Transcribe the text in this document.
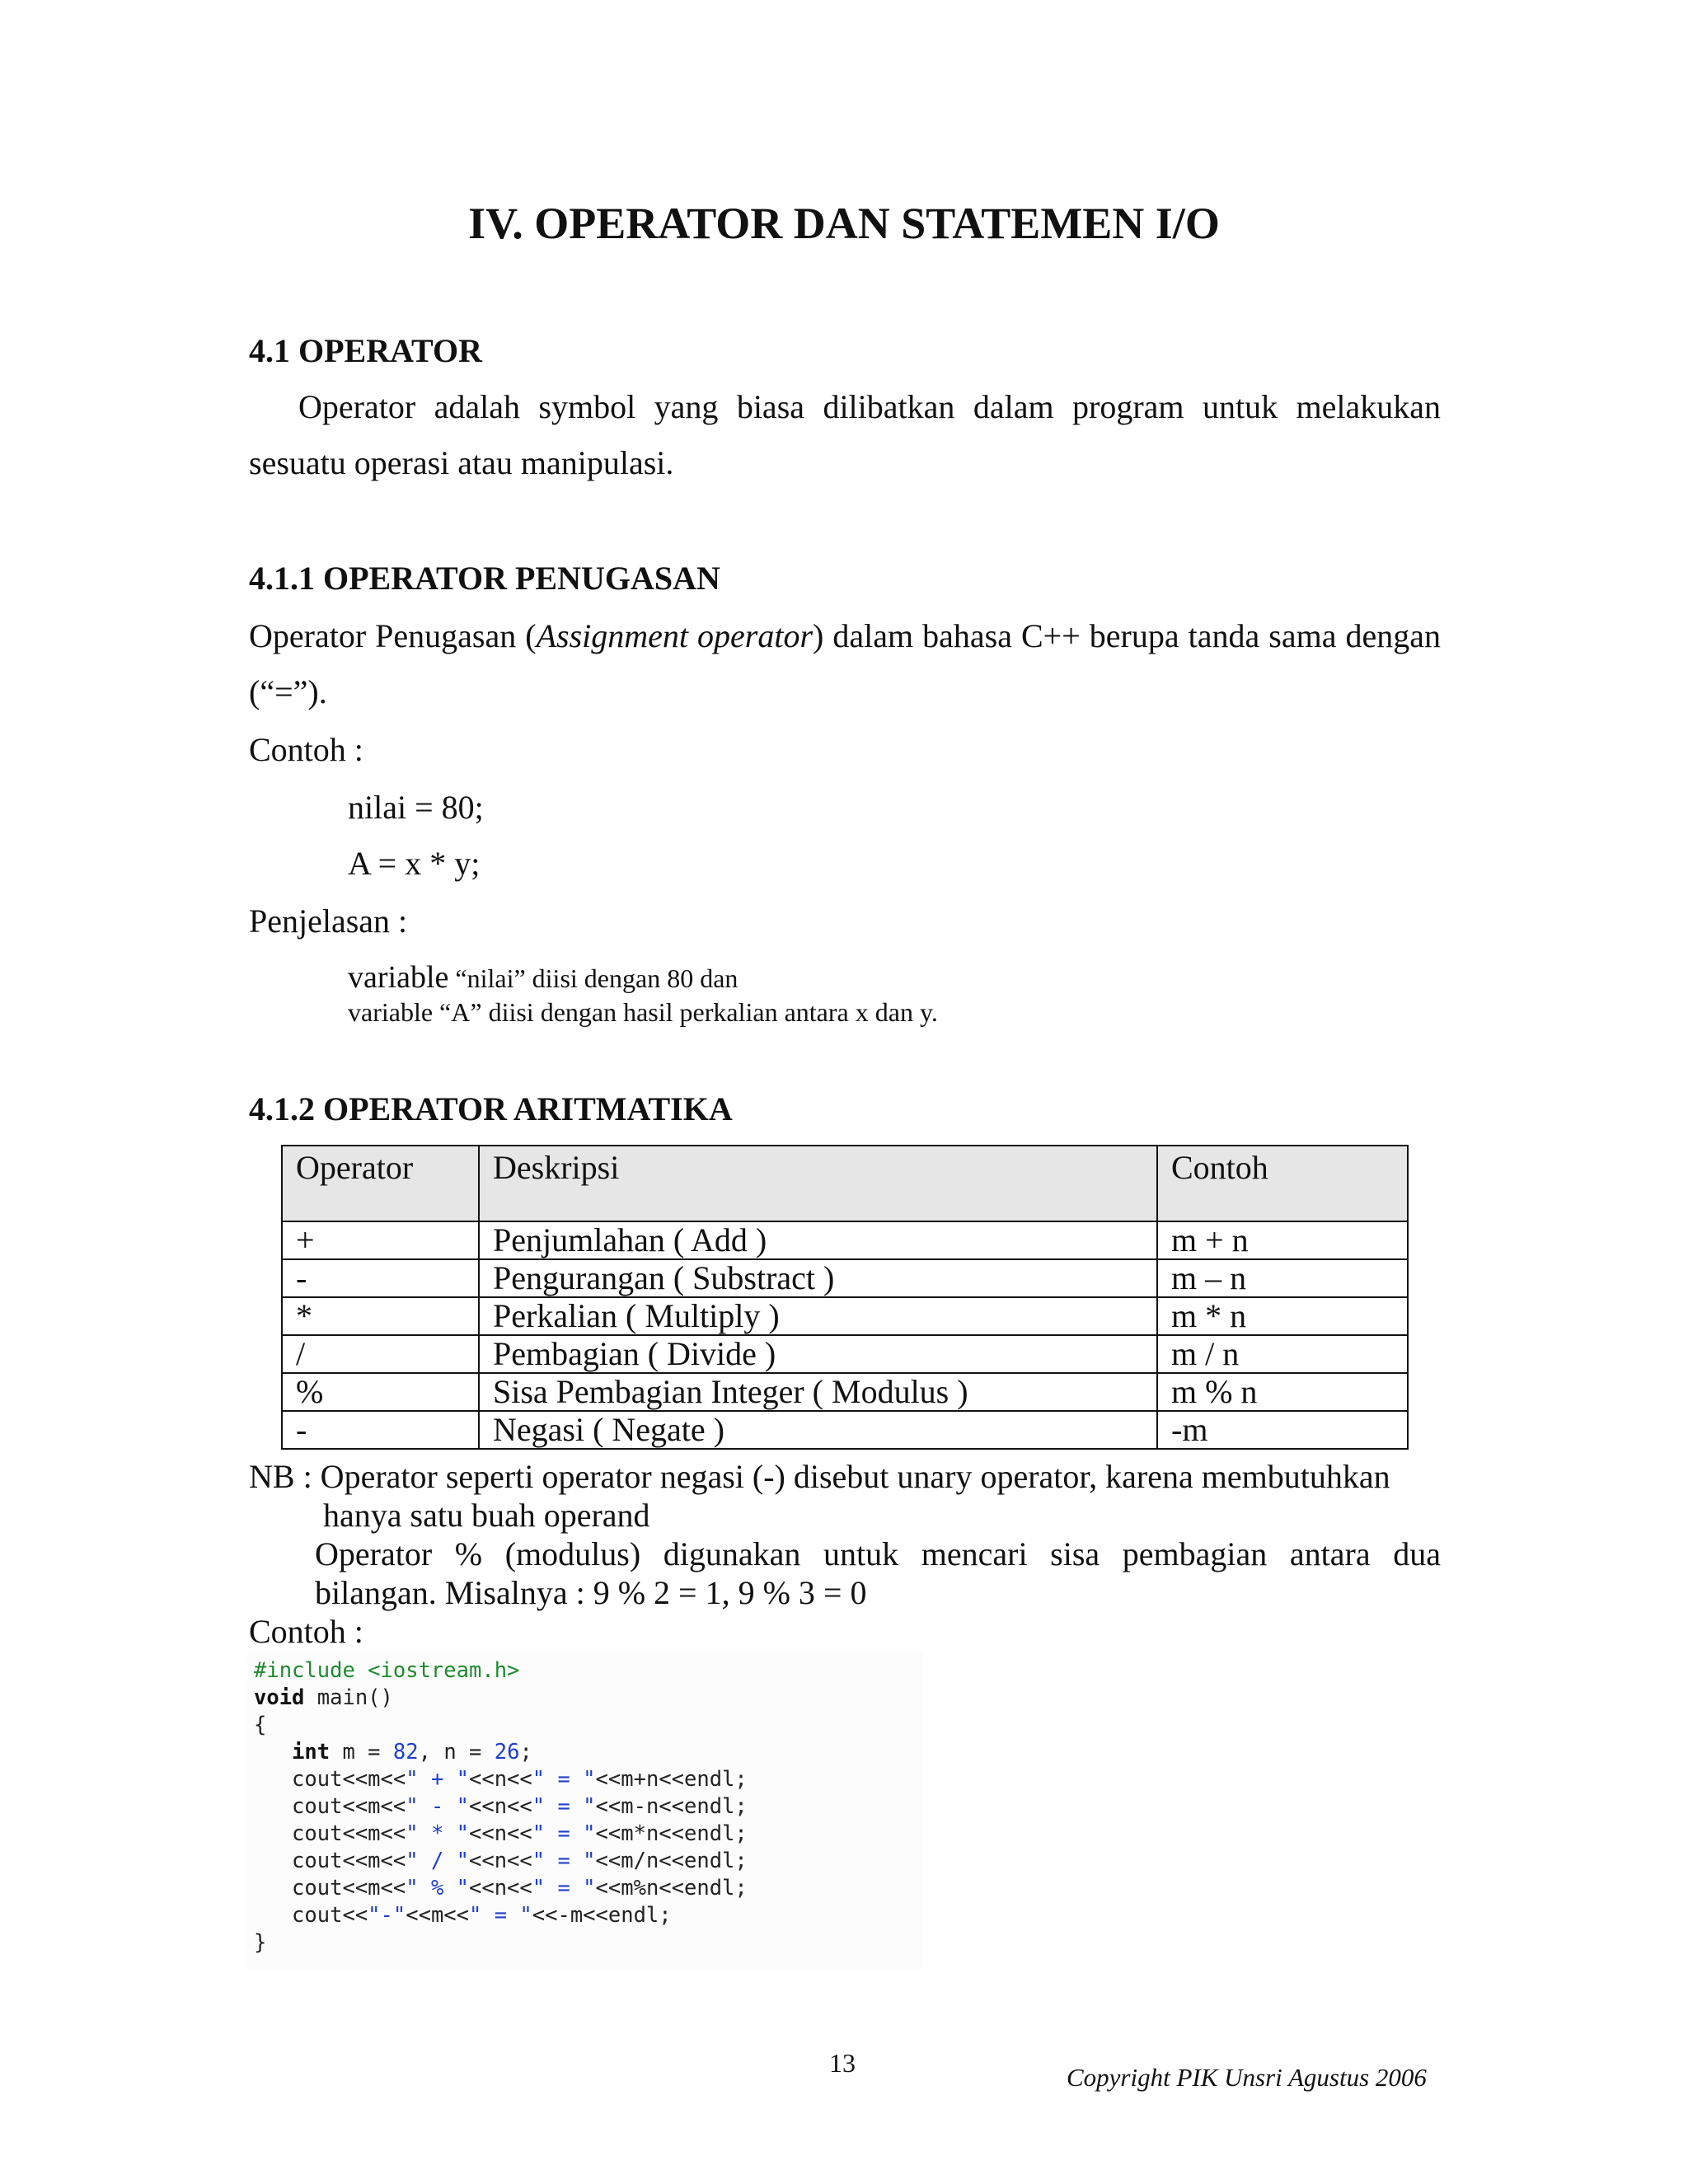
IV. OPERATOR DAN STATEMEN I/O
4.1 OPERATOR
Operator adalah symbol yang biasa dilibatkan dalam program untuk melakukan
sesuatu operasi atau manipulasi.
4.1.1 OPERATOR PENUGASAN
Operator Penugasan (Assignment operator) dalam bahasa C++ berupa tanda sama dengan
(“=”).
Contoh :
nilai = 80;
A = x * y;
Penjelasan :
variable “nilai” diisi dengan 80 dan
variable “A” diisi dengan hasil perkalian antara x dan y.
4.1.2 OPERATOR ARITMATIKA
Operator	Deskripsi	Contoh
+	Penjumlahan ( Add )	m + n
-	Pengurangan ( Substract )	m – n
*	Perkalian ( Multiply )	m * n
/	Pembagian ( Divide )	m / n
%	Sisa Pembagian Integer ( Modulus )	m % n
-	Negasi ( Negate )	-m
NB : Operator seperti operator negasi (-) disebut unary operator, karena membutuhkan
hanya satu buah operand
Operator % (modulus) digunakan untuk mencari sisa pembagian antara dua
bilangan. Misalnya : 9 % 2 = 1, 9 % 3 = 0
Contoh :
#include <iostream.h>
void main()
{
int m = 82, n = 26;
cout<<m<<" + "<<n<<" = "<<m+n<<endl;
cout<<m<<" - "<<n<<" = "<<m-n<<endl;
cout<<m<<" * "<<n<<" = "<<m*n<<endl;
cout<<m<<" / "<<n<<" = "<<m/n<<endl;
cout<<m<<" % "<<n<<" = "<<m%n<<endl;
cout<<"-"<<m<<" = "<<-m<<endl;
}
13	Copyright PIK Unsri Agustus 2006
